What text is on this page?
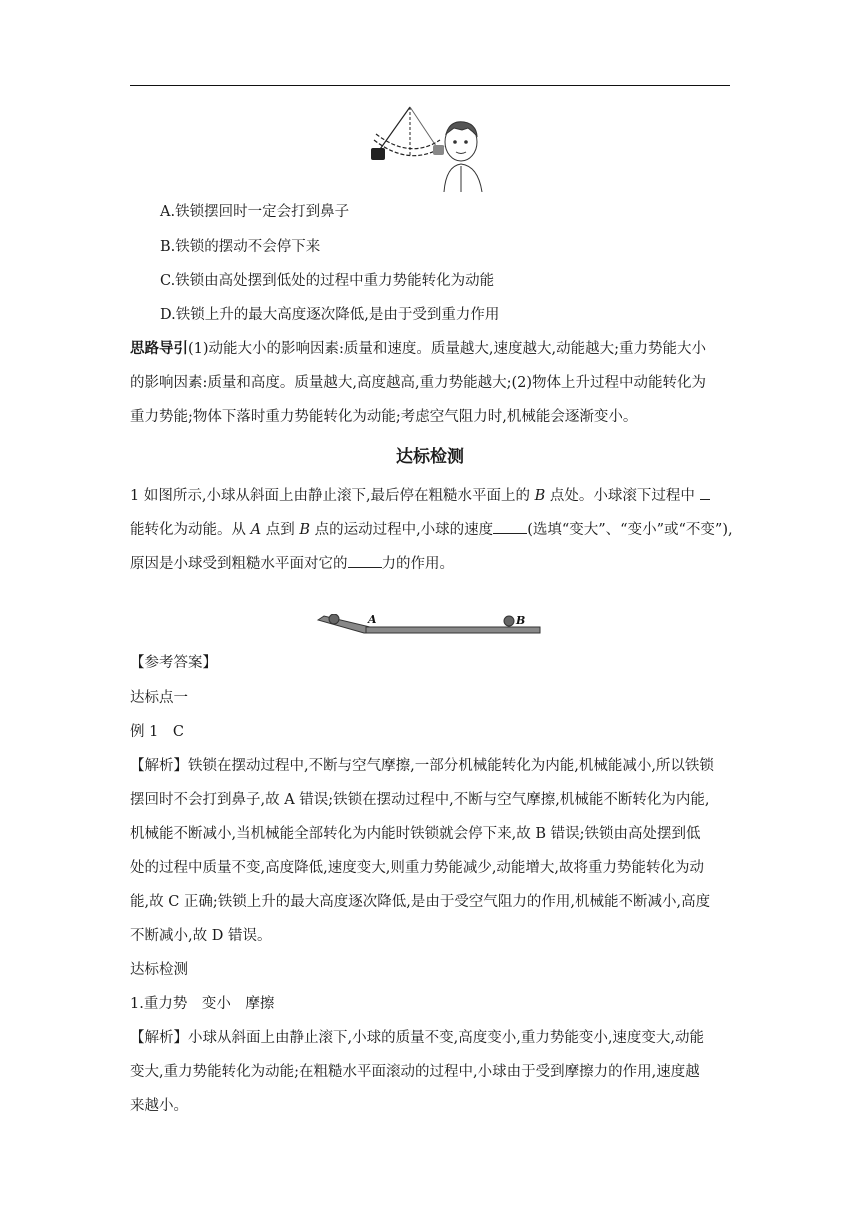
A.铁锁摆回时一定会打到鼻子
B.铁锁的摆动不会停下来
C.铁锁由高处摆到低处的过程中重力势能转化为动能
D.铁锁上升的最大高度逐次降低,是由于受到重力作用
思路导引(1)动能大小的影响因素:质量和速度。质量越大,速度越大,动能越大;重力势能大小
的影响因素:质量和高度。质量越大,高度越高,重力势能越大;(2)物体上升过程中动能转化为
重力势能;物体下落时重力势能转化为动能;考虑空气阻力时,机械能会逐渐变小。
达标检测
1 如图所示,小球从斜面上由静止滚下,最后停在粗糙水平面上的 B 点处。小球滚下过程中
能转化为动能。从 A 点到 B 点的运动过程中,小球的速度 (选填“变大”、“变小”或“不变”),
原因是小球受到粗糙水平面对它的 力的作用。
A	B
【参考答案】
达标点一
例 1　C
【解析】铁锁在摆动过程中,不断与空气摩擦,一部分机械能转化为内能,机械能减小,所以铁锁
摆回时不会打到鼻子,故 A 错误;铁锁在摆动过程中,不断与空气摩擦,机械能不断转化为内能,
机械能不断减小,当机械能全部转化为内能时铁锁就会停下来,故 B 错误;铁锁由高处摆到低
处的过程中质量不变,高度降低,速度变大,则重力势能减少,动能增大,故将重力势能转化为动
能,故 C 正确;铁锁上升的最大高度逐次降低,是由于受空气阻力的作用,机械能不断减小,高度
不断减小,故 D 错误。
达标检测
1.重力势　变小　摩擦
【解析】小球从斜面上由静止滚下,小球的质量不变,高度变小,重力势能变小,速度变大,动能
变大,重力势能转化为动能;在粗糙水平面滚动的过程中,小球由于受到摩擦力的作用,速度越
来越小。
